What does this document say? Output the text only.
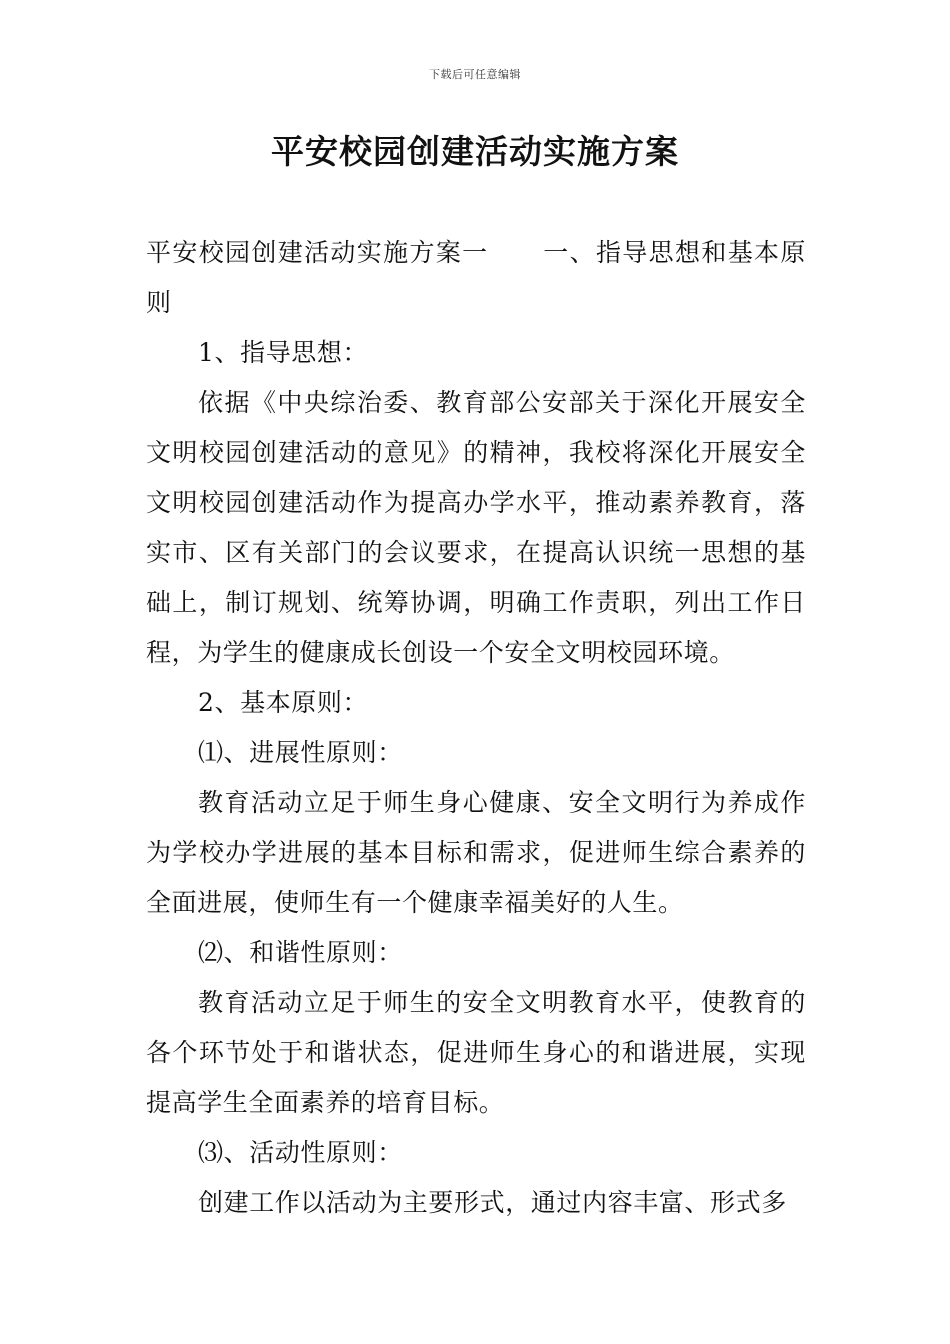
下载后可任意编辑
平安校园创建活动实施方案

平安校园创建活动实施方案一 一、指导思想和基本原则

1、指导思想：

依据《中央综治委、教育部公安部关于深化开展安全文明校园创建活动的意见》的精神，我校将深化开展安全文明校园创建活动作为提高办学水平，推动素养教育，落实市、区有关部门的会议要求，在提高认识统一思想的基础上，制订规划、统筹协调，明确工作责职，列出工作日程，为学生的健康成长创设一个安全文明校园环境。

2、基本原则：

⑴、进展性原则：

教育活动立足于师生身心健康、安全文明行为养成作为学校办学进展的基本目标和需求，促进师生综合素养的全面进展，使师生有一个健康幸福美好的人生。

⑵、和谐性原则：

教育活动立足于师生的安全文明教育水平，使教育的各个环节处于和谐状态，促进师生身心的和谐进展，实现提高学生全面素养的培育目标。

⑶、活动性原则：

创建工作以活动为主要形式，通过内容丰富、形式多
